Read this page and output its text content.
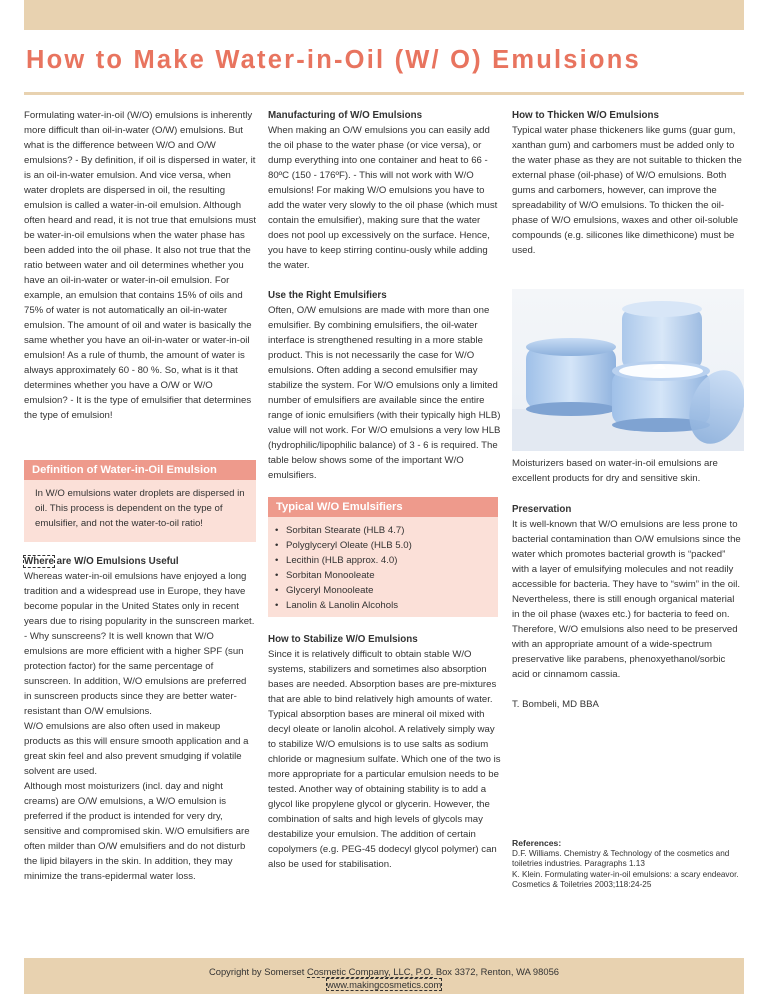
How to Make Water-in-Oil (W/ O) Emulsions

Formulating water-in-oil (W/O) emulsions is inherently more difficult than oil-in-water (O/W) emulsions. But what is the difference between W/O and O/W emulsions? - By definition, if oil is dispersed in water, it is an oil-in-water emulsion. And vice versa, when water droplets are dispersed in oil, the resulting emulsion is called a water-in-oil emulsion. Although often heard and read, it is not true that emulsions must be water-in-oil emulsions when the water phase has been added into the oil phase. It also not true that the ratio between water and oil determines whether you have an oil-in-water or water-in-oil emulsion. For example, an emulsion that contains 15% of oils and 75% of water is not automatically an oil-in-water emulsion. The amount of oil and water is basically the same whether you have an oil-in-water or water-in-oil emulsion! As a rule of thumb, the amount of water is always approximately 60 - 80 %. So, what is it that determines whether you have a O/W or W/O emulsion? - It is the type of emulsifier that determines the type of emulsion!

Definition of Water-in-Oil Emulsion

In W/O emulsions water droplets are dispersed in oil. This process is dependent on the type of emulsifier, and not the water-to-oil ratio!

Where are W/O Emulsions Useful

Whereas water-in-oil emulsions have enjoyed a long tradition and a widespread use in Europe, they have become popular in the United States only in recent years due to rising popularity in the sunscreen market. - Why sunscreens? It is well known that W/O emulsions are more efficient with a higher SPF (sun protection factor) for the same percentage of sunscreen. In addition, W/O emulsions are preferred in sunscreen products since they are better water-resistant than O/W emulsions.

W/O emulsions are also often used in makeup products as this will ensure smooth application and a great skin feel and also prevent smudging if volatile solvent are used.

Although most moisturizers (incl. day and night creams) are O/W emulsions, a W/O emulsion is preferred if the product is intended for very dry, sensitive and compromised skin. W/O emulsifiers are often milder than O/W emulsifiers and do not disturb the lipid bilayers in the skin. In addition, they may minimize the trans-epidermal water loss.

Manufacturing of W/O Emulsions

When making an O/W emulsions you can easily add the oil phase to the water phase (or vice versa), or dump everything into one container and heat to 66 - 80ºC (150 - 176ºF). - This will not work with W/O emulsions! For making W/O emulsions you have to add the water very slowly to the oil phase (which must contain the emulsifier), making sure that the water does not pool up excessively on the surface. Hence, you have to keep stirring continu-ously while adding the water.

Use the Right Emulsifiers

Often, O/W emulsions are made with more than one emulsifier. By combining emulsifiers, the oil-water interface is strengthened resulting in a more stable product. This is not necessarily the case for W/O emulsions. Often adding a second emulsifier may stabilize the system. For W/O emulsions only a limited number of emulsifiers are available since the entire range of ionic emulsifiers (with their typically high HLB) value will not work. For W/O emulsions a very low HLB (hydrophilic/lipophilic balance) of 3 - 6 is required. The table below shows some of the important W/O emulsifiers.

Typical W/O Emulsifiers
• Sorbitan Stearate (HLB 4.7)
• Polyglyceryl Oleate (HLB 5.0)
• Lecithin (HLB approx. 4.0)
• Sorbitan Monooleate
• Glyceryl Monooleate
• Lanolin & Lanolin Alcohols
How to Stabilize W/O Emulsions

Since it is relatively difficult to obtain stable W/O systems, stabilizers and sometimes also absorption bases are needed. Absorption bases are pre-mixtures that are able to bind relatively high amounts of water. Typical absorption bases are mineral oil mixed with decyl oleate or lanolin alcohol. A relatively simply way to stabilize W/O emulsions is to use salts as sodium chloride or magnesium sulfate. Which one of the two is more appropriate for a particular emulsion needs to be tested. Another way of obtaining stability is to add a glycol like propylene glycol or glycerin. However, the combination of salts and high levels of glycols may destabilize your emulsion. The addition of certain copolymers (e.g. PEG-45 dodecyl glycol polymer) can also be used for stabilisation.

How to Thicken W/O Emulsions

Typical water phase thickeners like gums (guar gum, xanthan gum) and carbomers must be added only to the water phase as they are not suitable to thicken the external phase (oil-phase) of W/O emulsions. Both gums and carbomers, however, can improve the spreadability of W/O emulsions. To thicken the oil-phase of W/O emulsions, waxes and other oil-soluble compounds (e.g. silicones like dimethicone) must be used.

Moisturizers based on water-in-oil emulsions are excellent products for dry and sensitive skin.
Preservation

It is well-known that W/O emulsions are less prone to bacterial contamination than O/W emulsions since the water which promotes bacterial growth is “packed” with a layer of emulsifying molecules and not readily accessible for bacteria. They have to “swim” in the oil. Nevertheless, there is still enough organical material in the oil phase (waxes etc.) for bacteria to feed on. Therefore, W/O emulsions also need to be preserved with an appropriate amount of a wide-spectrum preservative like parabens, phenoxyethanol/sorbic acid or cinnamom cassia.

T. Bombeli, MD BBA

References:
D.F. Williams. Chemistry & Technology of the cosmetics and toiletries industries. Paragraphs 1.13
K. Klein. Formulating water-in-oil emulsions: a scary endeavor. Cosmetics & Toiletries 2003;118:24-25
Copyright by Somerset Cosmetic Company, LLC, P.O. Box 3372, Renton, WA 98056
www.makingcosmetics.com
